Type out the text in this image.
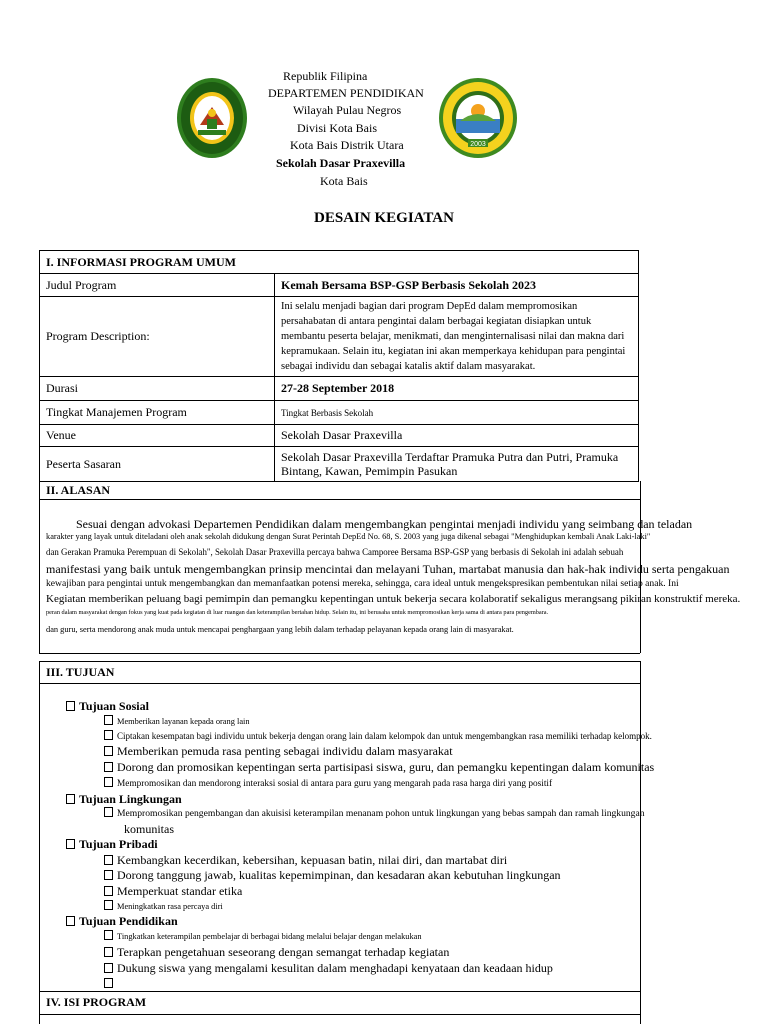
2003
Republik Filipina
DEPARTEMEN PENDIDIKAN
Wilayah Pulau Negros
Divisi Kota Bais
Kota Bais Distrik Utara
Sekolah Dasar Praxevilla
Kota Bais
DESAIN KEGIATAN
I. INFORMASI PROGRAM UMUM	
Judul Program	Kemah Bersama BSP-GSP Berbasis Sekolah 2023
Program Description:	Ini selalu menjadi bagian dari program DepEd dalam mempromosikan persahabatan di antara pengintai dalam berbagai kegiatan disiapkan untuk membantu peserta belajar, menikmati, dan menginternalisasi nilai dan makna dari kepramukaan. Selain itu, kegiatan ini akan memperkaya kehidupan para pengintai sebagai individu dan sebagai katalis aktif dalam masyarakat.
Durasi	27-28 September 2018
Tingkat Manajemen Program	Tingkat Berbasis Sekolah
Venue	Sekolah Dasar Praxevilla
Peserta Sasaran	Sekolah Dasar Praxevilla Terdaftar Pramuka Putra dan Putri, Pramuka Bintang, Kawan, Pemimpin Pasukan
II. ALASAN
Sesuai dengan advokasi Departemen Pendidikan dalam mengembangkan pengintai menjadi individu yang seimbang dan teladan
karakter yang layak untuk diteladani oleh anak sekolah didukung dengan Surat Perintah DepEd No. 68, S. 2003 yang juga dikenal sebagai "Menghidupkan kembali Anak Laki-laki"
dan Gerakan Pramuka Perempuan di Sekolah", Sekolah Dasar Praxevilla percaya bahwa Camporee Bersama BSP-GSP yang berbasis di Sekolah ini adalah sebuah
manifestasi yang baik untuk mengembangkan prinsip mencintai dan melayani Tuhan, martabat manusia dan hak-hak individu serta pengakuan
kewajiban para pengintai untuk mengembangkan dan memanfaatkan potensi mereka, sehingga, cara ideal untuk mengekspresikan pembentukan nilai setiap anak. Ini
Kegiatan memberikan peluang bagi pemimpin dan pemangku kepentingan untuk bekerja secara kolaboratif sekaligus merangsang pikiran konstruktif mereka.
peran dalam masyarakat dengan fokus yang kuat pada kegiatan di luar ruangan dan keterampilan bertahan hidup. Selain itu, ini berusaha untuk mempromosikan kerja sama di antara para pengembara.
dan guru, serta mendorong anak muda untuk mencapai penghargaan yang lebih dalam terhadap pelayanan kepada orang lain di masyarakat.
III. TUJUAN
Tujuan Sosial
Memberikan layanan kepada orang lain
Ciptakan kesempatan bagi individu untuk bekerja dengan orang lain dalam kelompok dan untuk mengembangkan rasa memiliki terhadap kelompok.
Memberikan pemuda rasa penting sebagai individu dalam masyarakat
Dorong dan promosikan kepentingan serta partisipasi siswa, guru, dan pemangku kepentingan dalam komunitas
Mempromosikan dan mendorong interaksi sosial di antara para guru yang mengarah pada rasa harga diri yang positif
Tujuan Lingkungan
Mempromosikan pengembangan dan akuisisi keterampilan menanam pohon untuk lingkungan yang bebas sampah dan ramah lingkungan
komunitas
Tujuan Pribadi
Kembangkan kecerdikan, kebersihan, kepuasan batin, nilai diri, dan martabat diri
Dorong tanggung jawab, kualitas kepemimpinan, dan kesadaran akan kebutuhan lingkungan
Memperkuat standar etika
Meningkatkan rasa percaya diri
Tujuan Pendidikan
Tingkatkan keterampilan pembelajar di berbagai bidang melalui belajar dengan melakukan
Terapkan pengetahuan seseorang dengan semangat terhadap kegiatan
Dukung siswa yang mengalami kesulitan dalam menghadapi kenyataan dan keadaan hidup
IV. ISI PROGRAM
